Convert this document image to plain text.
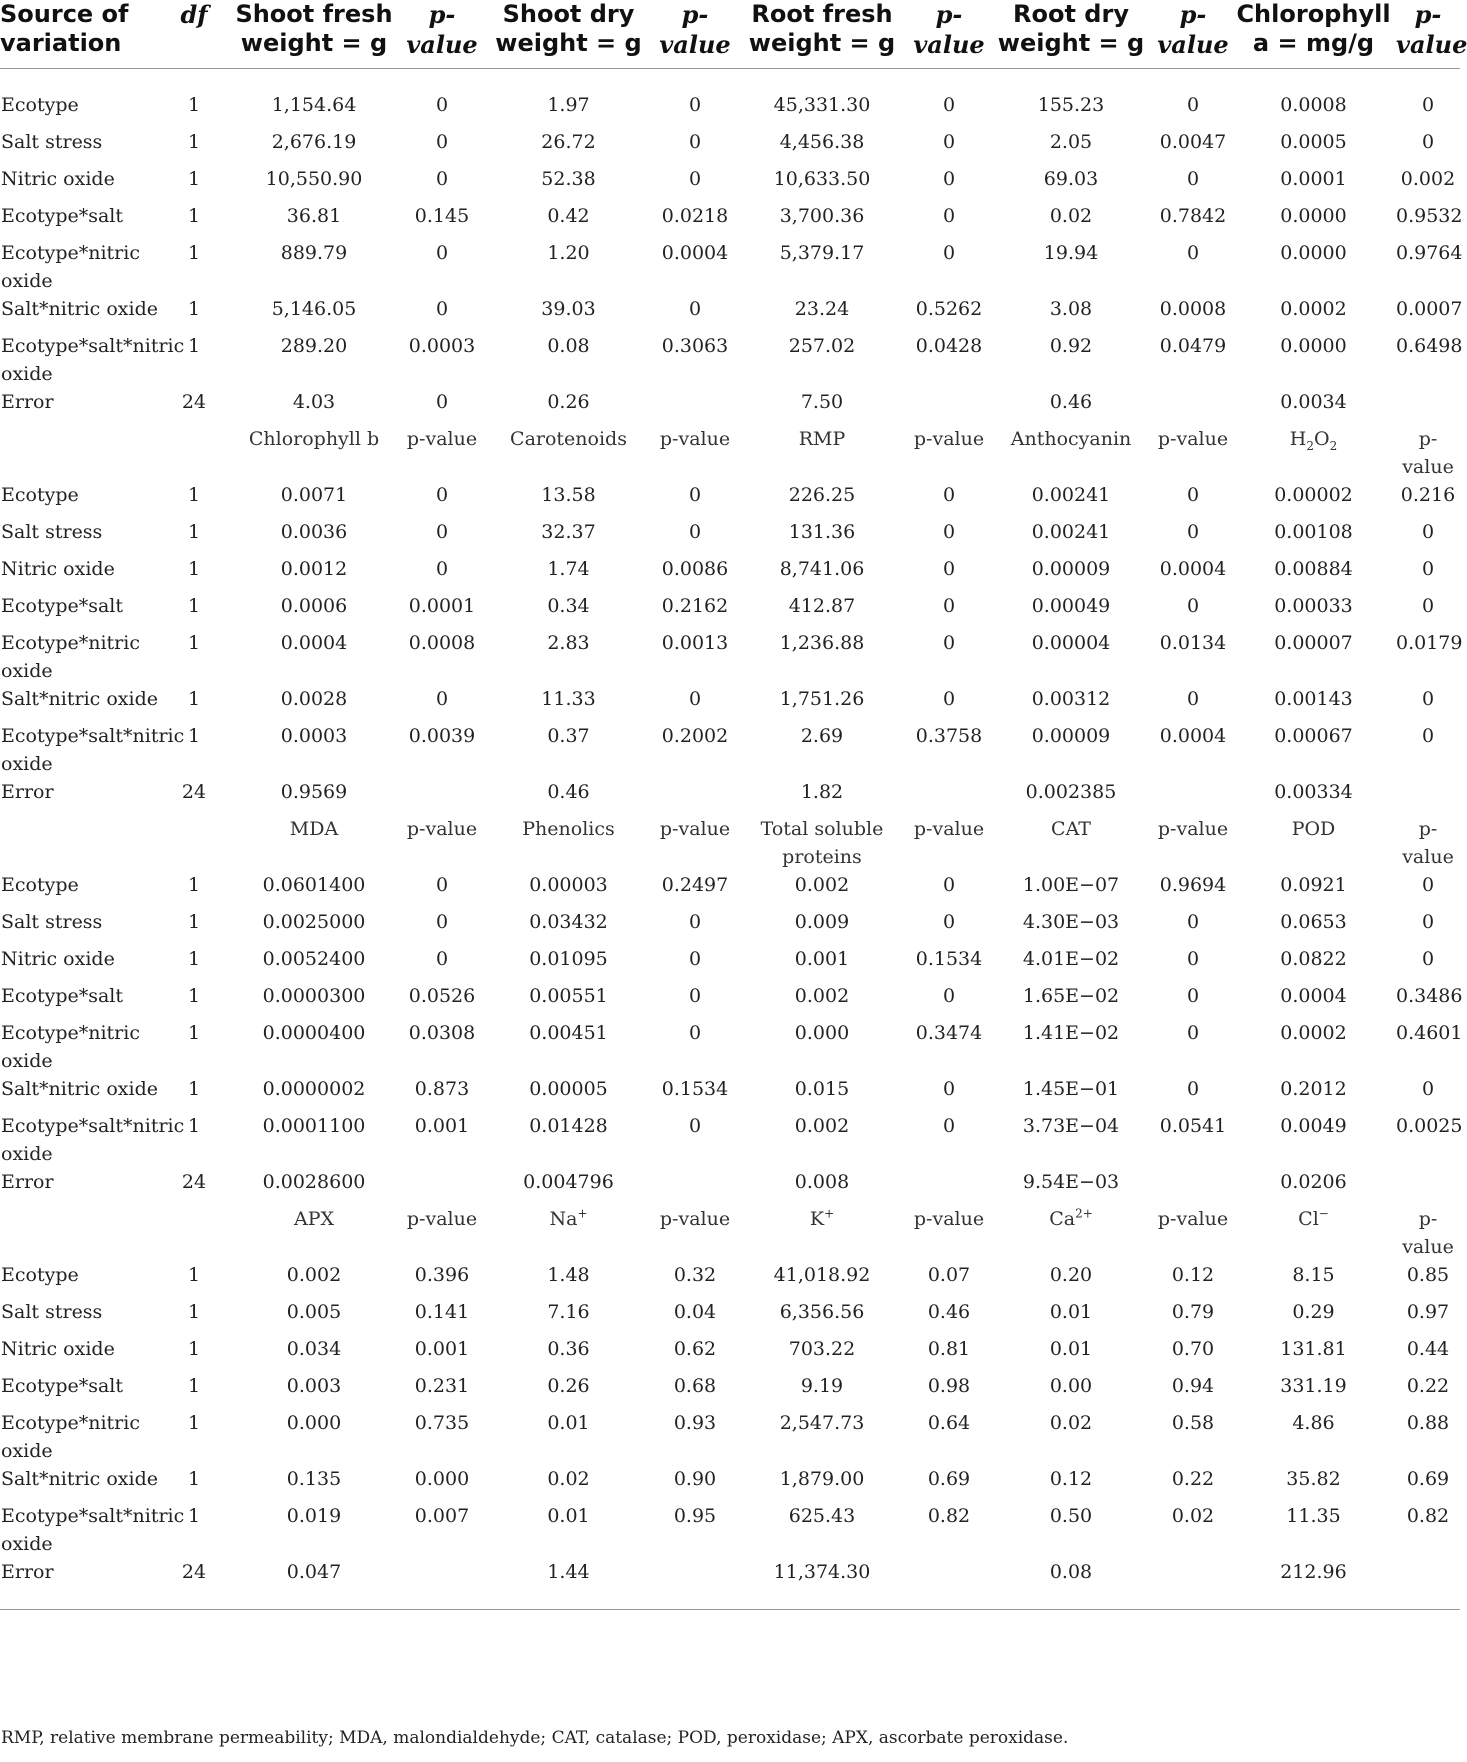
Source of variation	df	Shoot fresh weight = g	p-value	Shoot dry weight = g	p-value	Root fresh weight = g	p-value	Root dry weight = g	p-value	Chlorophyll a = mg/g	p-value
Ecotype	1	1,154.64	0	1.97	0	45,331.30	0	155.23	0	0.0008	0
Salt stress	1	2,676.19	0	26.72	0	4,456.38	0	2.05	0.0047	0.0005	0
Nitric oxide	1	10,550.90	0	52.38	0	10,633.50	0	69.03	0	0.0001	0.002
Ecotype*salt	1	36.81	0.145	0.42	0.0218	3,700.36	0	0.02	0.7842	0.0000	0.9532
Ecotype*nitric oxide	1	889.79	0	1.20	0.0004	5,379.17	0	19.94	0	0.0000	0.9764
Salt*nitric oxide	1	5,146.05	0	39.03	0	23.24	0.5262	3.08	0.0008	0.0002	0.0007
Ecotype*salt*nitric oxide	1	289.20	0.0003	0.08	0.3063	257.02	0.0428	0.92	0.0479	0.0000	0.6498
Error	24	4.03	0	0.26		7.50		0.46		0.0034	
		Chlorophyll b	p-value	Carotenoids	p-value	RMP	p-value	Anthocyanin	p-value	$H_2O_2$	p-value
Ecotype	1	0.0071	0	13.58	0	226.25	0	0.00241	0	0.00002	0.216
Salt stress	1	0.0036	0	32.37	0	131.36	0	0.00241	0	0.00108	0
Nitric oxide	1	0.0012	0	1.74	0.0086	8,741.06	0	0.00009	0.0004	0.00884	0
Ecotype*salt	1	0.0006	0.0001	0.34	0.2162	412.87	0	0.00049	0	0.00033	0
Ecotype*nitric oxide	1	0.0004	0.0008	2.83	0.0013	1,236.88	0	0.00004	0.0134	0.00007	0.0179
Salt*nitric oxide	1	0.0028	0	11.33	0	1,751.26	0	0.00312	0	0.00143	0
Ecotype*salt*nitric oxide	1	0.0003	0.0039	0.37	0.2002	2.69	0.3758	0.00009	0.0004	0.00067	0
Error	24	0.9569		0.46		1.82		0.002385		0.00334	
		MDA	p-value	Phenolics	p-value	Total soluble proteins	p-value	CAT	p-value	POD	p-value
Ecotype	1	0.0601400	0	0.00003	0.2497	0.002	0	1.00E−07	0.9694	0.0921	0
Salt stress	1	0.0025000	0	0.03432	0	0.009	0	4.30E−03	0	0.0653	0
Nitric oxide	1	0.0052400	0	0.01095	0	0.001	0.1534	4.01E−02	0	0.0822	0
Ecotype*salt	1	0.0000300	0.0526	0.00551	0	0.002	0	1.65E−02	0	0.0004	0.3486
Ecotype*nitric oxide	1	0.0000400	0.0308	0.00451	0	0.000	0.3474	1.41E−02	0	0.0002	0.4601
Salt*nitric oxide	1	0.0000002	0.873	0.00005	0.1534	0.015	0	1.45E−01	0	0.2012	0
Ecotype*salt*nitric oxide	1	0.0001100	0.001	0.01428	0	0.002	0	3.73E−04	0.0541	0.0049	0.0025
Error	24	0.0028600		0.004796		0.008		9.54E−03		0.0206	
		APX	p-value	Na+	p-value	K+	p-value	$Ca^{2+}$	p-value	Cl−	p-value
Ecotype	1	0.002	0.396	1.48	0.32	41,018.92	0.07	0.20	0.12	8.15	0.85
Salt stress	1	0.005	0.141	7.16	0.04	6,356.56	0.46	0.01	0.79	0.29	0.97
Nitric oxide	1	0.034	0.001	0.36	0.62	703.22	0.81	0.01	0.70	131.81	0.44
Ecotype*salt	1	0.003	0.231	0.26	0.68	9.19	0.98	0.00	0.94	331.19	0.22
Ecotype*nitric oxide	1	0.000	0.735	0.01	0.93	2,547.73	0.64	0.02	0.58	4.86	0.88
Salt*nitric oxide	1	0.135	0.000	0.02	0.90	1,879.00	0.69	0.12	0.22	35.82	0.69
Ecotype*salt*nitric oxide	1	0.019	0.007	0.01	0.95	625.43	0.82	0.50	0.02	11.35	0.82
Error	24	0.047		1.44		11,374.30		0.08		212.96	
RMP, relative membrane permeability; MDA, malondialdehyde; CAT, catalase; POD, peroxidase; APX, ascorbate peroxidase.
